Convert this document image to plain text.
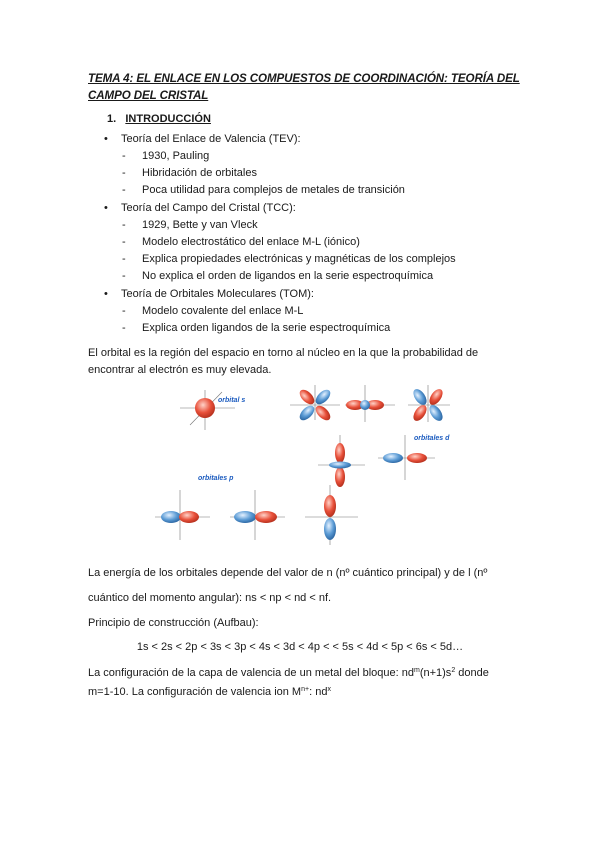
TEMA 4: EL ENLACE EN LOS COMPUESTOS DE COORDINACIÓN: TEORÍA DEL
CAMPO DEL CRISTAL
1. INTRODUCCIÓN
• Teoría del Enlace de Valencia (TEV):
- 1930, Pauling
- Hibridación de orbitales
- Poca utilidad para complejos de metales de transición
• Teoría del Campo del Cristal (TCC):
- 1929, Bette y van Vleck
- Modelo electrostático del enlace M-L (iónico)
- Explica propiedades electrónicas y magnéticas de los complejos
- No explica el orden de ligandos en la serie espectroquímica
• Teoría de Orbitales Moleculares (TOM):
- Modelo covalente del enlace M-L
- Explica orden ligandos de la serie espectroquímica
El orbital es la región del espacio en torno al núcleo en la que la probabilidad de
encontrar al electrón es muy elevada.
orbital s
orbitales d
orbitales p
La energía de los orbitales depende del valor de n (nº cuántico principal) y de l (nº
cuántico del momento angular): ns < np < nd < nf.
Principio de construcción (Aufbau):
1s < 2s < 2p < 3s < 3p < 4s < 3d < 4p < < 5s < 4d < 5p < 6s < 5d…
La configuración de la capa de valencia de un metal del bloque: $nd^m(n+1)s^2$ donde
m=1-10. La configuración de valencia ion $M^{n+}$: $nd^x$
